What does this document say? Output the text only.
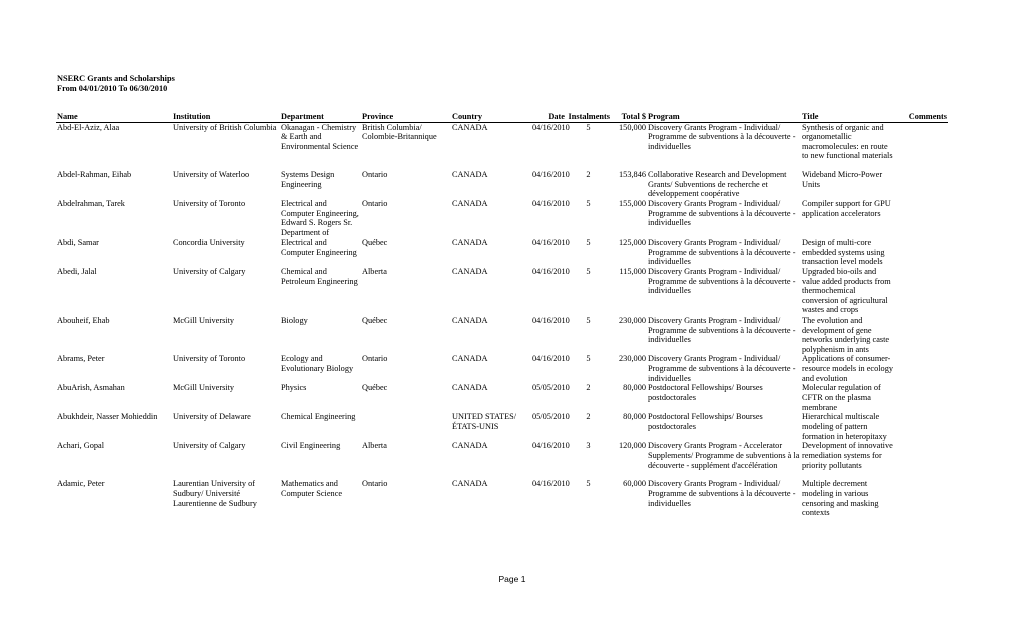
NSERC Grants and Scholarships
From 04/01/2010 To 06/30/2010
Name	Institution	Department	Province	Country	Date	Instalments	Total $	Program	Title	Comments
Abd-El-Aziz, Alaa	University of British Columbia	Okanagan - Chemistry & Earth and Environmental Science	British Columbia/ Colombie-Britannique	CANADA	04/16/2010	5	150,000	Discovery Grants Program - Individual/ Programme de subventions à la découverte - individuelles	Synthesis of organic and organometallic macromolecules: en route to new functional materials	
Abdel-Rahman, Eihab	University of Waterloo	Systems Design Engineering	Ontario	CANADA	04/16/2010	2	153,846	Collaborative Research and Development Grants/ Subventions de recherche et développement coopérative	Wideband Micro-Power Units	
Abdelrahman, Tarek	University of Toronto	Electrical and Computer Engineering, Edward S. Rogers Sr. Department of	Ontario	CANADA	04/16/2010	5	155,000	Discovery Grants Program - Individual/ Programme de subventions à la découverte - individuelles	Compiler support for GPU application accelerators	
Abdi, Samar	Concordia University	Electrical and Computer Engineering	Québec	CANADA	04/16/2010	5	125,000	Discovery Grants Program - Individual/ Programme de subventions à la découverte - individuelles	Design of multi-core embedded systems using transaction level models	
Abedi, Jalal	University of Calgary	Chemical and Petroleum Engineering	Alberta	CANADA	04/16/2010	5	115,000	Discovery Grants Program - Individual/ Programme de subventions à la découverte - individuelles	Upgraded bio-oils and value added products from thermochemical conversion of agricultural wastes and crops	
Abouheif, Ehab	McGill University	Biology	Québec	CANADA	04/16/2010	5	230,000	Discovery Grants Program - Individual/ Programme de subventions à la découverte - individuelles	The evolution and development of gene networks underlying caste polyphenism in ants	
Abrams, Peter	University of Toronto	Ecology and Evolutionary Biology	Ontario	CANADA	04/16/2010	5	230,000	Discovery Grants Program - Individual/ Programme de subventions à la découverte - individuelles	Applications of consumer-resource models in ecology and evolution	
AbuArish, Asmahan	McGill University	Physics	Québec	CANADA	05/05/2010	2	80,000	Postdoctoral Fellowships/ Bourses postdoctorales	Molecular regulation of CFTR on the plasma membrane	
Abukhdeir, Nasser Mohieddin	University of Delaware	Chemical Engineering		UNITED STATES/ ÉTATS-UNIS	05/05/2010	2	80,000	Postdoctoral Fellowships/ Bourses postdoctorales	Hierarchical multiscale modeling of pattern formation in heteropitaxy	
Achari, Gopal	University of Calgary	Civil Engineering	Alberta	CANADA	04/16/2010	3	120,000	Discovery Grants Program - Accelerator Supplements/ Programme de subventions à la découverte - supplément d'accélération	Development of innovative remediation systems for priority pollutants	
Adamic, Peter	Laurentian University of Sudbury/ Université Laurentienne de Sudbury	Mathematics and Computer Science	Ontario	CANADA	04/16/2010	5	60,000	Discovery Grants Program - Individual/ Programme de subventions à la découverte - individuelles	Multiple decrement modeling in various censoring and masking contexts	
Page 1
